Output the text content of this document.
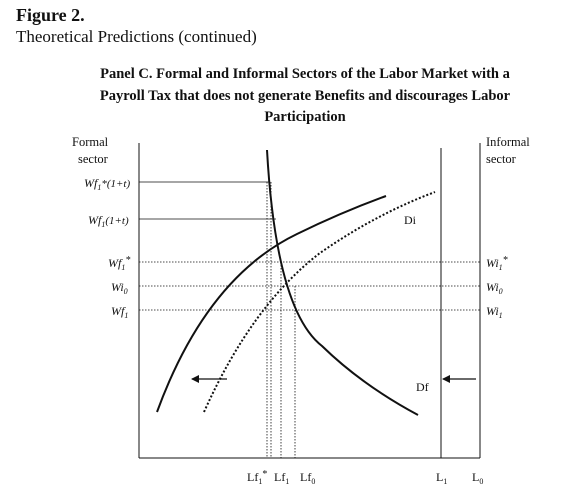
Figure 2.
Theoretical Predictions (continued)
Panel C. Formal and Informal Sectors of the Labor Market with a
Payroll Tax that does not generate Benefits and discourages Labor
Participation
Formal
sector
Informal
sector
$Wf_1*(1+t)$
$Wf_1(1+t)$
$Wf_1^*$
$Wi_0$
$Wf_1$
$Wi_1^*$
$Wi_0$
$Wi_1$
$Lf_1^*$ $Lf_1$ $Lf_0$	$L_1$ $L_0$
Di
Df
